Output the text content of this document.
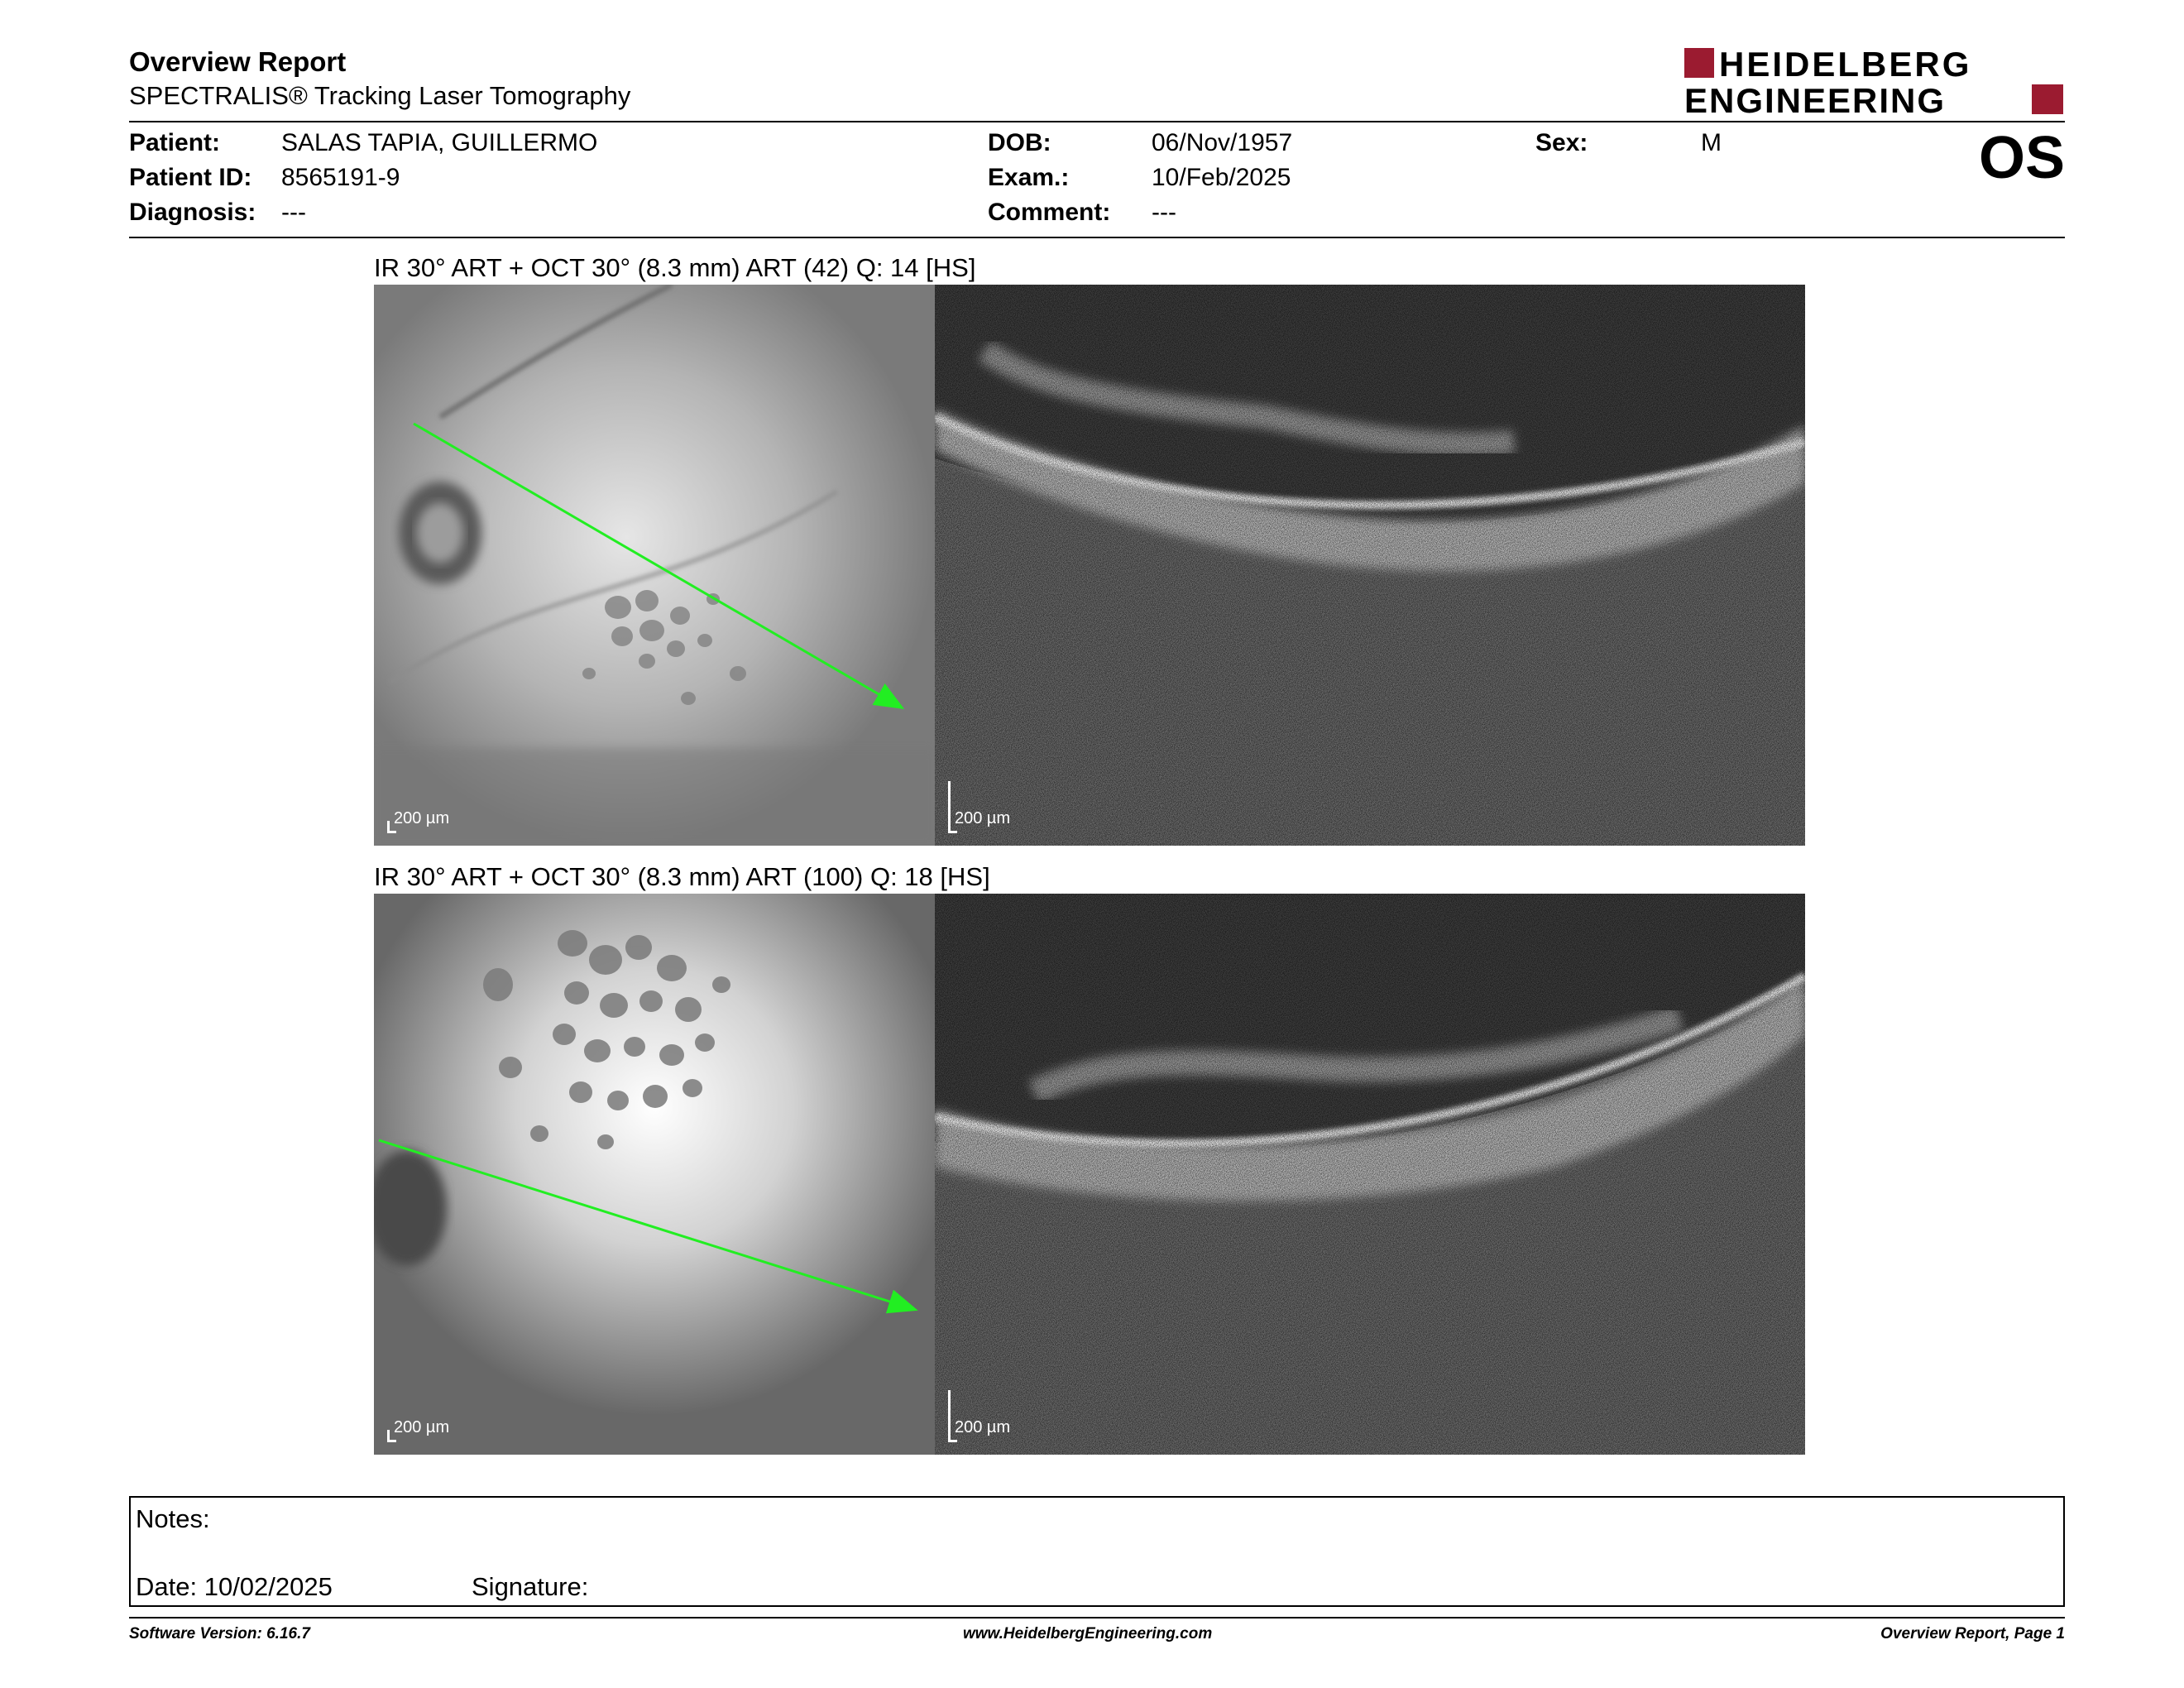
Overview Report
SPECTRALIS® Tracking Laser Tomography
HEIDELBERG
ENGINEERING
Patient: SALAS TAPIA, GUILLERMO
Patient ID: 8565191-9
Diagnosis: ---
DOB:	06/Nov/1957
Exam.:	10/Feb/2025
Comment: ---
Sex:	M	OS
IR 30° ART + OCT 30° (8.3 mm) ART (42) Q: 14 [HS]
200 µm	200 µm
IR 30° ART + OCT 30° (8.3 mm) ART (100) Q: 18 [HS]
200 µm	200 µm
Notes:
Date: 10/02/2025	Signature:
Software Version: 6.16.7	www.HeidelbergEngineering.com	Overview Report, Page 1
